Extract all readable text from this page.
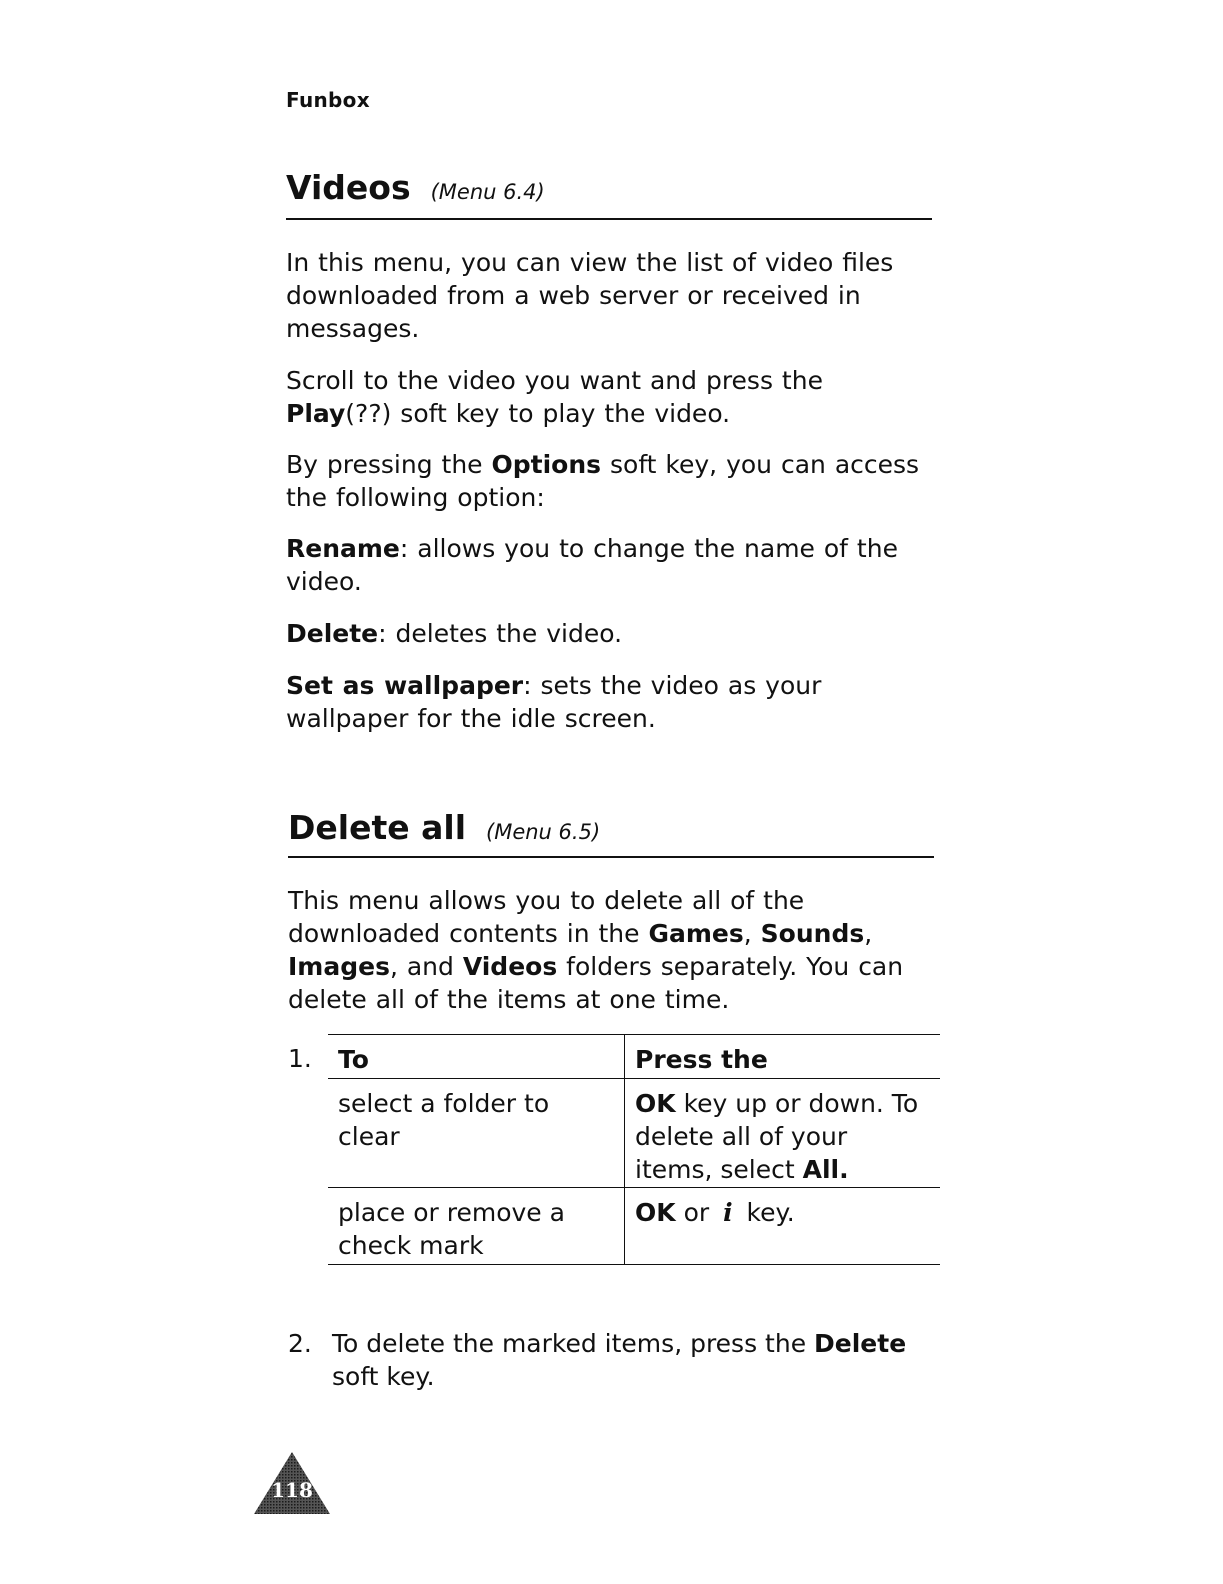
Funbox
Videos (Menu 6.4)

In this menu, you can view the list of video files downloaded from a web server or received in messages.

Scroll to the video you want and press the Play(??) soft key to play the video.

By pressing the Options soft key, you can access the following option:

Rename: allows you to change the name of the video.

Delete: deletes the video.

Set as wallpaper: sets the video as your wallpaper for the idle screen.

Delete all (Menu 6.5)

This menu allows you to delete all of the downloaded contents in the Games, Sounds, Images, and Videos folders separately. You can delete all of the items at one time.

1.	To	Press the
select a folder to clear
OK key up or down. To delete all of your items, select All.
place or remove a check mark
OK or i key.
2. To delete the marked items, press the Delete soft key.
118
